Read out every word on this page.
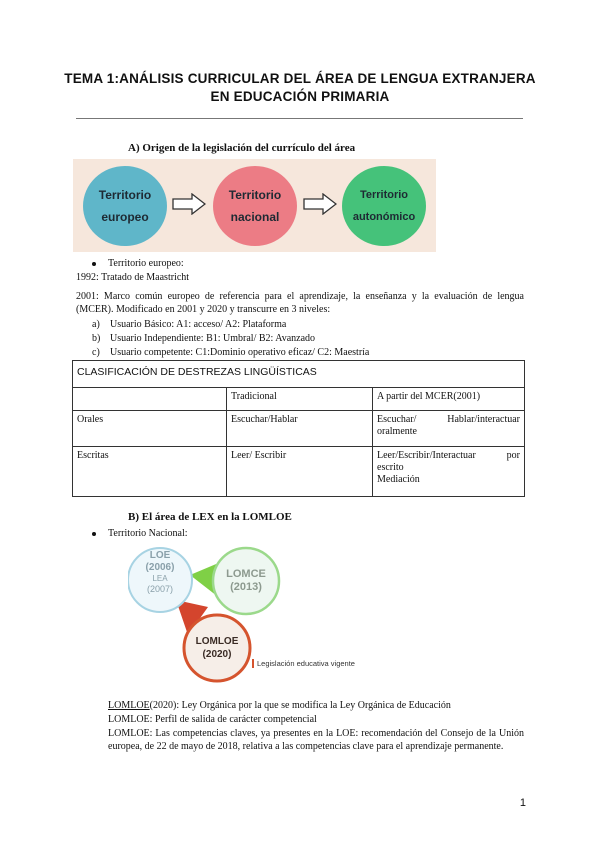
TEMA 1:ANÁLISIS CURRICULAR DEL ÁREA DE LENGUA EXTRANJERA
EN EDUCACIÓN PRIMARIA
A) Origen de la legislación del currículo del área
Territorio europeo
Territorio nacional
Territorio autonómico
Territorio europeo:
1992: Tratado de Maastricht
2001: Marco común europeo de referencia para el aprendizaje, la enseñanza y la evaluación de lengua (MCER). Modificado en 2001 y 2020 y transcurre en 3 niveles:
a) Usuario Básico: A1: acceso/ A2: Plataforma
b) Usuario Independiente: B1: Umbral/ B2: Avanzado
c) Usuario competente: C1:Dominio operativo eficaz/ C2: Maestría
CLASIFICACIÓN DE DESTREZAS LINGÜÍSTICAS		
	Tradicional	A partir del MCER(2001)
Orales	Escuchar/Hablar	Escuchar/ Hablar/interactuar oralmente
Escritas	Leer/ Escribir	Leer/Escribir/Interactuar por escrito
Mediación
B) El área de LEX en la LOMLOE
Territorio Nacional:
LOE
(2006)
LEA
(2007)
LOMCE
(2013)
LOMLOE
(2020)
Legislación educativa vigente
LOMLOE(2020): Ley Orgánica por la que se modifica la Ley Orgánica de Educación
LOMLOE: Perfil de salida de carácter competencial
LOMLOE: Las competencias claves, ya presentes en la LOE: recomendación del Consejo de la Unión europea, de 22 de mayo de 2018, relativa a las competencias clave para el aprendizaje permanente.
1
